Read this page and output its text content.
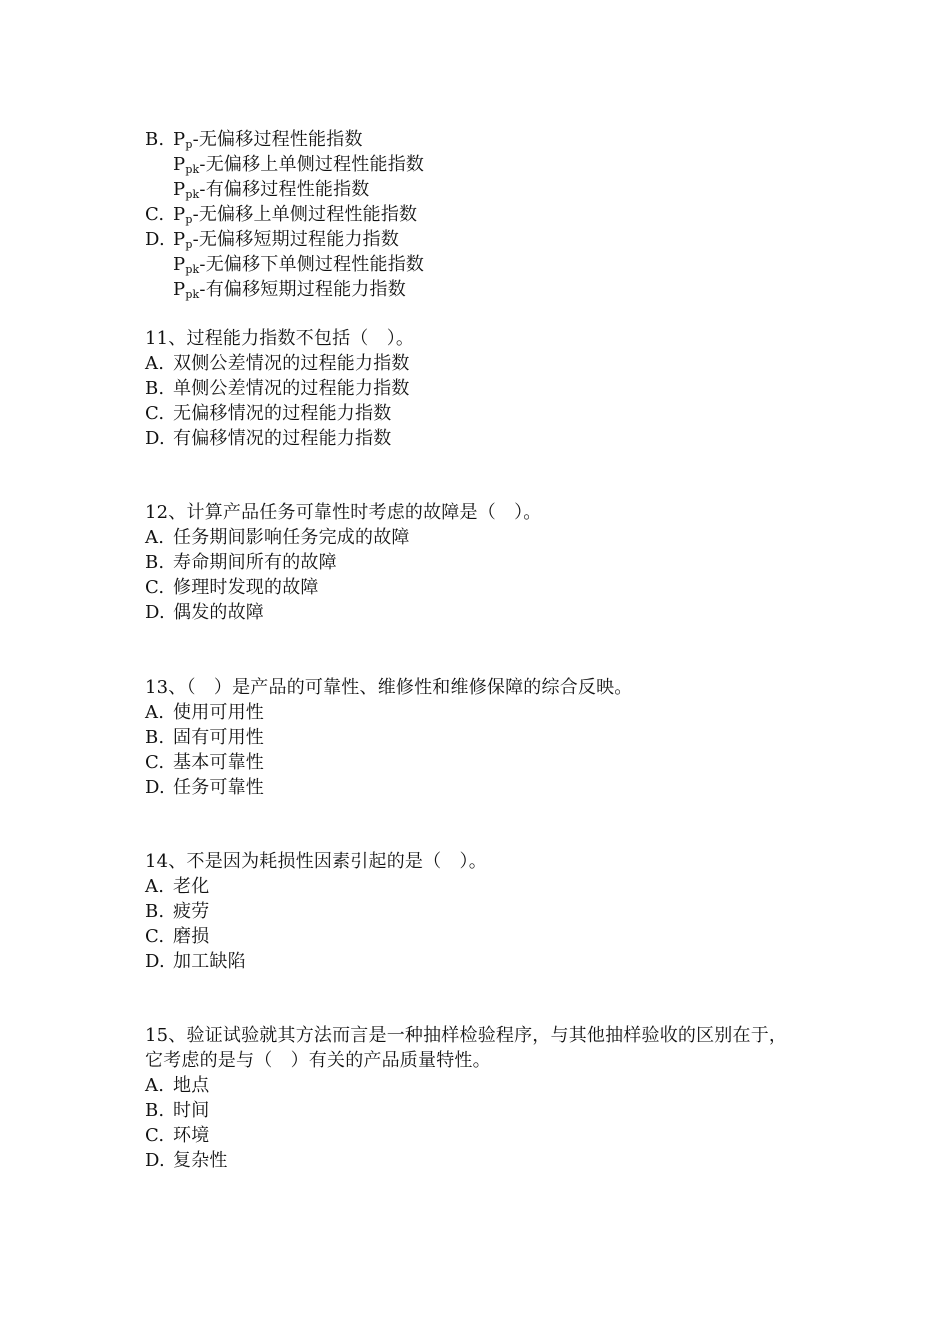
B. $P_p-$无偏移过程性能指数
$P_{pk}-$无偏移上单侧过程性能指数
$P_{pk}-$有偏移过程性能指数
C. $P_p-$无偏移上单侧过程性能指数
D. $P_p-$无偏移短期过程能力指数
$P_{pk}-$无偏移下单侧过程性能指数
$P_{pk}-$有偏移短期过程能力指数
11、过程能力指数不包括（　）。
A. 双侧公差情况的过程能力指数
B. 单侧公差情况的过程能力指数
C. 无偏移情况的过程能力指数
D. 有偏移情况的过程能力指数
12、计算产品任务可靠性时考虑的故障是（　）。
A. 任务期间影响任务完成的故障
B. 寿命期间所有的故障
C. 修理时发现的故障
D. 偶发的故障
13、（　）是产品的可靠性、维修性和维修保障的综合反映。
A. 使用可用性
B. 固有可用性
C. 基本可靠性
D. 任务可靠性
14、不是因为耗损性因素引起的是（　）。
A. 老化
B. 疲劳
C. 磨损
D. 加工缺陷
15、验证试验就其方法而言是一种抽样检验程序，与其他抽样验收的区别在于，
它考虑的是与（　）有关的产品质量特性。
A. 地点
B. 时间
C. 环境
D. 复杂性
